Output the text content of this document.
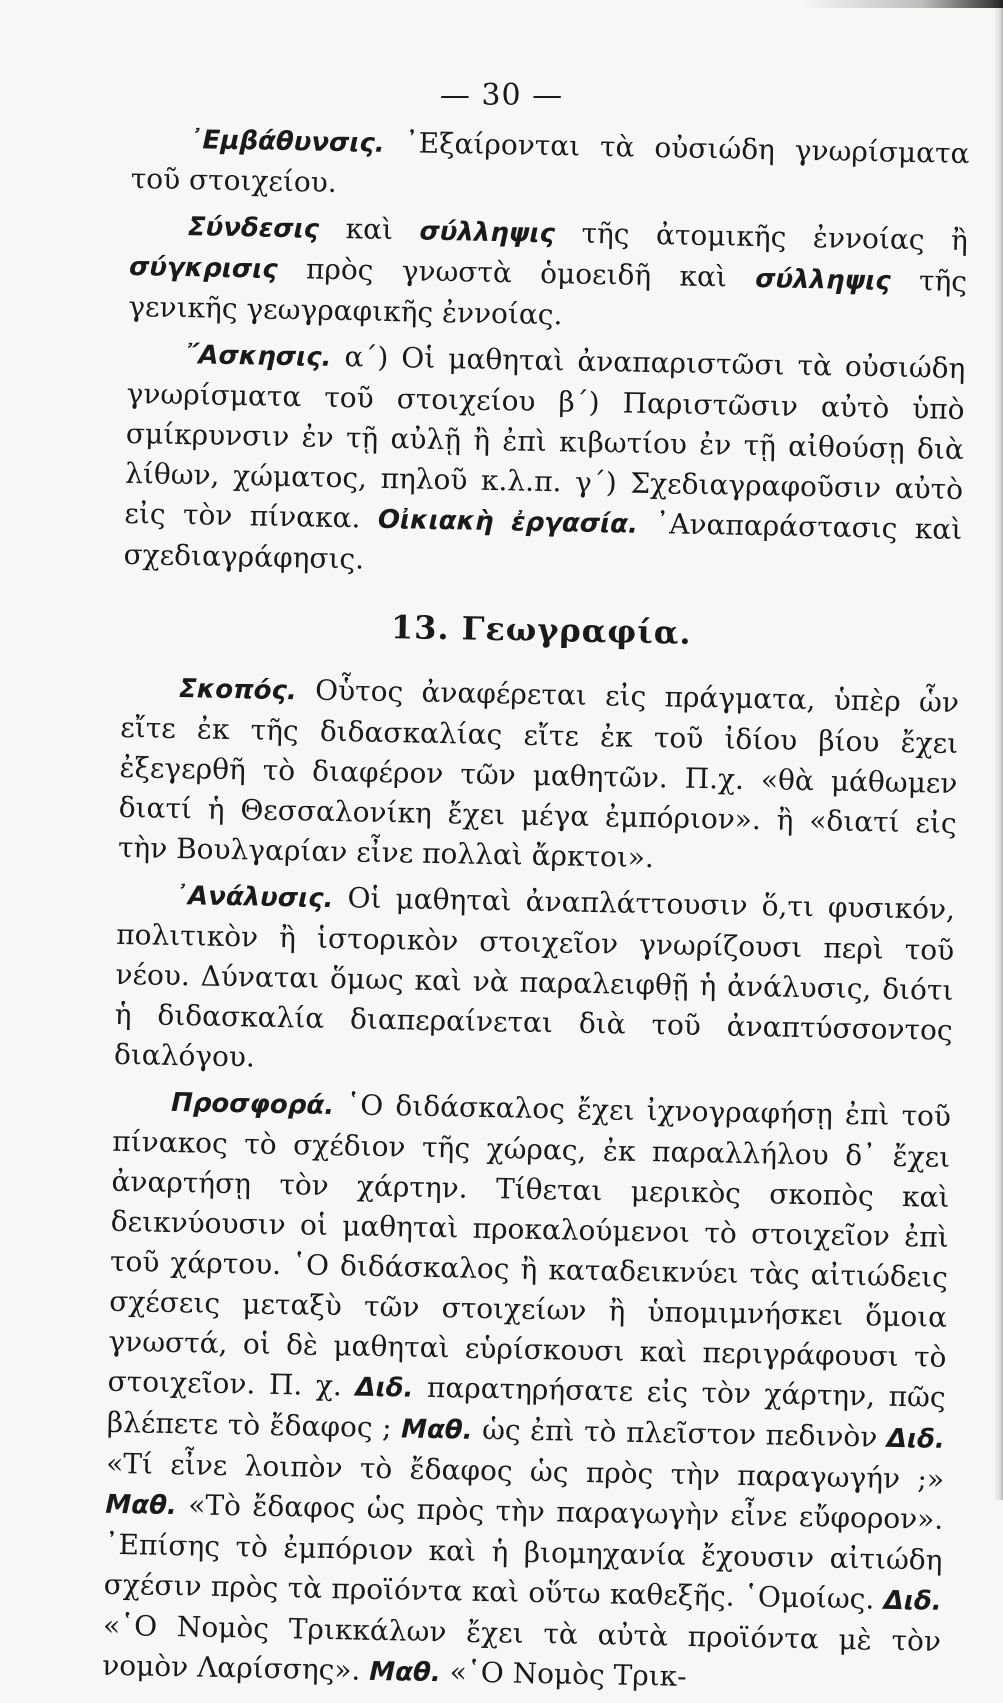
— 30 —

᾽Εμβάθυνσις. ᾽Εξαίρονται τὰ οὐσιώδη γνωρίσματα τοῦ στοιχείου.

Σύνδεσις καὶ σύλληψις τῆς ἀτομικῆς ἐννοίας ἢ σύγκρισις πρὸς γνωστὰ ὁμοειδῆ καὶ σύλληψις τῆς γενικῆς γεωγραφικῆς ἐννοίας.

῎Ασκησις. α΄) Οἱ μαθηταὶ ἀναπαριστῶσι τὰ οὐσιώδη γνωρίσματα τοῦ στοιχείου β΄) Παριστῶσιν αὐτὸ ὑπὸ σμίκρυνσιν ἐν τῇ αὐλῇ ἢ ἐπὶ κιβωτίου ἐν τῇ αἰθούσῃ διὰ λίθων, χώματος, πηλοῦ κ.λ.π. γ΄) Σχεδιαγραφοῦσιν αὐτὸ εἰς τὸν πίνακα. Οἰκιακὴ ἐργασία. ᾽Αναπαράστασις καὶ σχεδιαγράφησις.

13. Γεωγραφία.

Σκοπός. Οὗτος ἀναφέρεται εἰς πράγματα, ὑπὲρ ὧν εἴτε ἐκ τῆς διδασκαλίας εἴτε ἐκ τοῦ ἰδίου βίου ἔχει ἐξεγερθῆ τὸ διαφέρον τῶν μαθητῶν. Π.χ. «θὰ μάθωμεν διατί ἡ Θεσσαλονίκη ἔχει μέγα ἐμπόριον». ἢ «διατί εἰς τὴν Βουλγαρίαν εἶνε πολλαὶ ἄρκτοι».

᾽Ανάλυσις. Οἱ μαθηταὶ ἀναπλάττουσιν ὅ,τι φυσικόν, πολιτικὸν ἢ ἱστορικὸν στοιχεῖον γνωρίζουσι περὶ τοῦ νέου. Δύναται ὅμως καὶ νὰ παραλειφθῇ ἡ ἀνάλυσις, διότι ἡ διδασκαλία διαπεραίνεται διὰ τοῦ ἀναπτύσσοντος διαλόγου.

Προσφορά. ῾Ο διδάσκαλος ἔχει ἰχνογραφήσῃ ἐπὶ τοῦ πίνακος τὸ σχέδιον τῆς χώρας, ἐκ παραλλήλου δ᾽ ἔχει ἀναρτήσῃ τὸν χάρτην. Τίθεται μερικὸς σκοπὸς καὶ δεικνύουσιν οἱ μαθηταὶ προκαλούμενοι τὸ στοιχεῖον ἐπὶ τοῦ χάρτου. ῾Ο διδάσκαλος ἢ καταδεικνύει τὰς αἰτιώδεις σχέσεις μεταξὺ τῶν στοιχείων ἢ ὑπομιμνήσκει ὅμοια γνωστά, οἱ δὲ μαθηταὶ εὑρίσκουσι καὶ περιγράφουσι τὸ στοιχεῖον. Π. χ. Διδ. παρατηρήσατε εἰς τὸν χάρτην, πῶς βλέπετε τὸ ἔδαφος ; Μαθ. ὡς ἐπὶ τὸ πλεῖστον πεδινὸν Διδ. «Τί εἶνε λοιπὸν τὸ ἔδαφος ὡς πρὸς τὴν παραγωγήν ;» Μαθ. «Τὸ ἔδαφος ὡς πρὸς τὴν παραγωγὴν εἶνε εὔφορον». ᾽Επίσης τὸ ἐμπόριον καὶ ἡ βιομηχανία ἔχουσιν αἰτιώδη σχέσιν πρὸς τὰ προϊόντα καὶ οὕτω καθεξῆς. ῾Ομοίως. Διδ. «῾Ο Νομὸς Τρικκάλων ἔχει τὰ αὐτὰ προϊόντα μὲ τὸν νομὸν Λαρίσσης». Μαθ. «῾Ο Νομὸς Τρικ-
